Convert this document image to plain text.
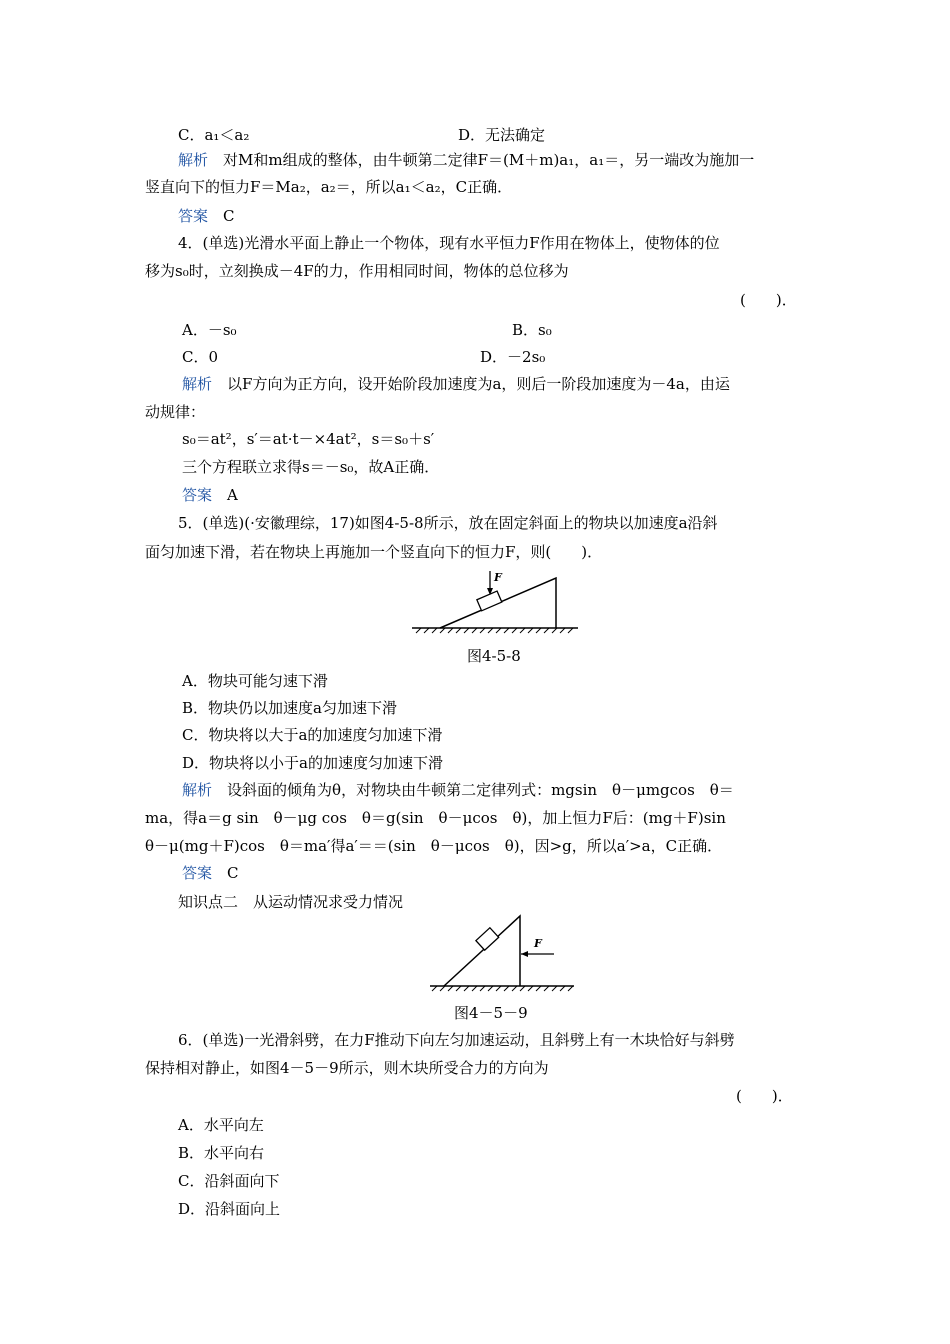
C．a₁＜a₂	D．无法确定
解析　 对M和m组成的整体，由牛顿第二定律F＝(M＋m)a₁，a₁＝，另一端改为施加一
竖直向下的恒力F＝Ma₂，a₂＝，所以a₁＜a₂，C正确．
答案　 C
4．(单选)光滑水平面上静止一个物体，现有水平恒力F作用在物体上，使物体的位
移为s₀时，立刻换成－4F的力，作用相同时间，物体的总位移为
(　　)．
A．－s₀	B．s₀
C．0	D．－2s₀
解析　 以F方向为正方向，设开始阶段加速度为a，则后一阶段加速度为－4a，由运
动规律：
s₀＝at²，s′＝at·t－×4at²，s＝s₀＋s′
三个方程联立求得s＝－s₀，故A正确．
答案　 A
5．(单选)(·安徽理综，17)如图4-5-8所示，放在固定斜面上的物块以加速度a沿斜
面匀加速下滑，若在物块上再施加一个竖直向下的恒力F，则(　　)．
F
图4-5-8
A．物块可能匀速下滑
B．物块仍以加速度a匀加速下滑
C．物块将以大于a的加速度匀加速下滑
D．物块将以小于a的加速度匀加速下滑
解析　 设斜面的倾角为θ，对物块由牛顿第二定律列式：mgsin　θ－μmgcos　θ＝
ma，得a＝g sin　θ－μg cos　θ＝g(sin　θ－μcos　θ)，加上恒力F后：(mg＋F)sin
θ－μ(mg＋F)cos　θ＝ma′得a′＝＝(sin　θ－μcos　θ)，因>g，所以a′>a，C正确．
答案　 C
知识点二　从运动情况求受力情况
F
图4－5－9
6．(单选)一光滑斜劈，在力F推动下向左匀加速运动，且斜劈上有一木块恰好与斜劈
保持相对静止，如图4－5－9所示，则木块所受合力的方向为
(　　)．
A．水平向左
B．水平向右
C．沿斜面向下
D．沿斜面向上
